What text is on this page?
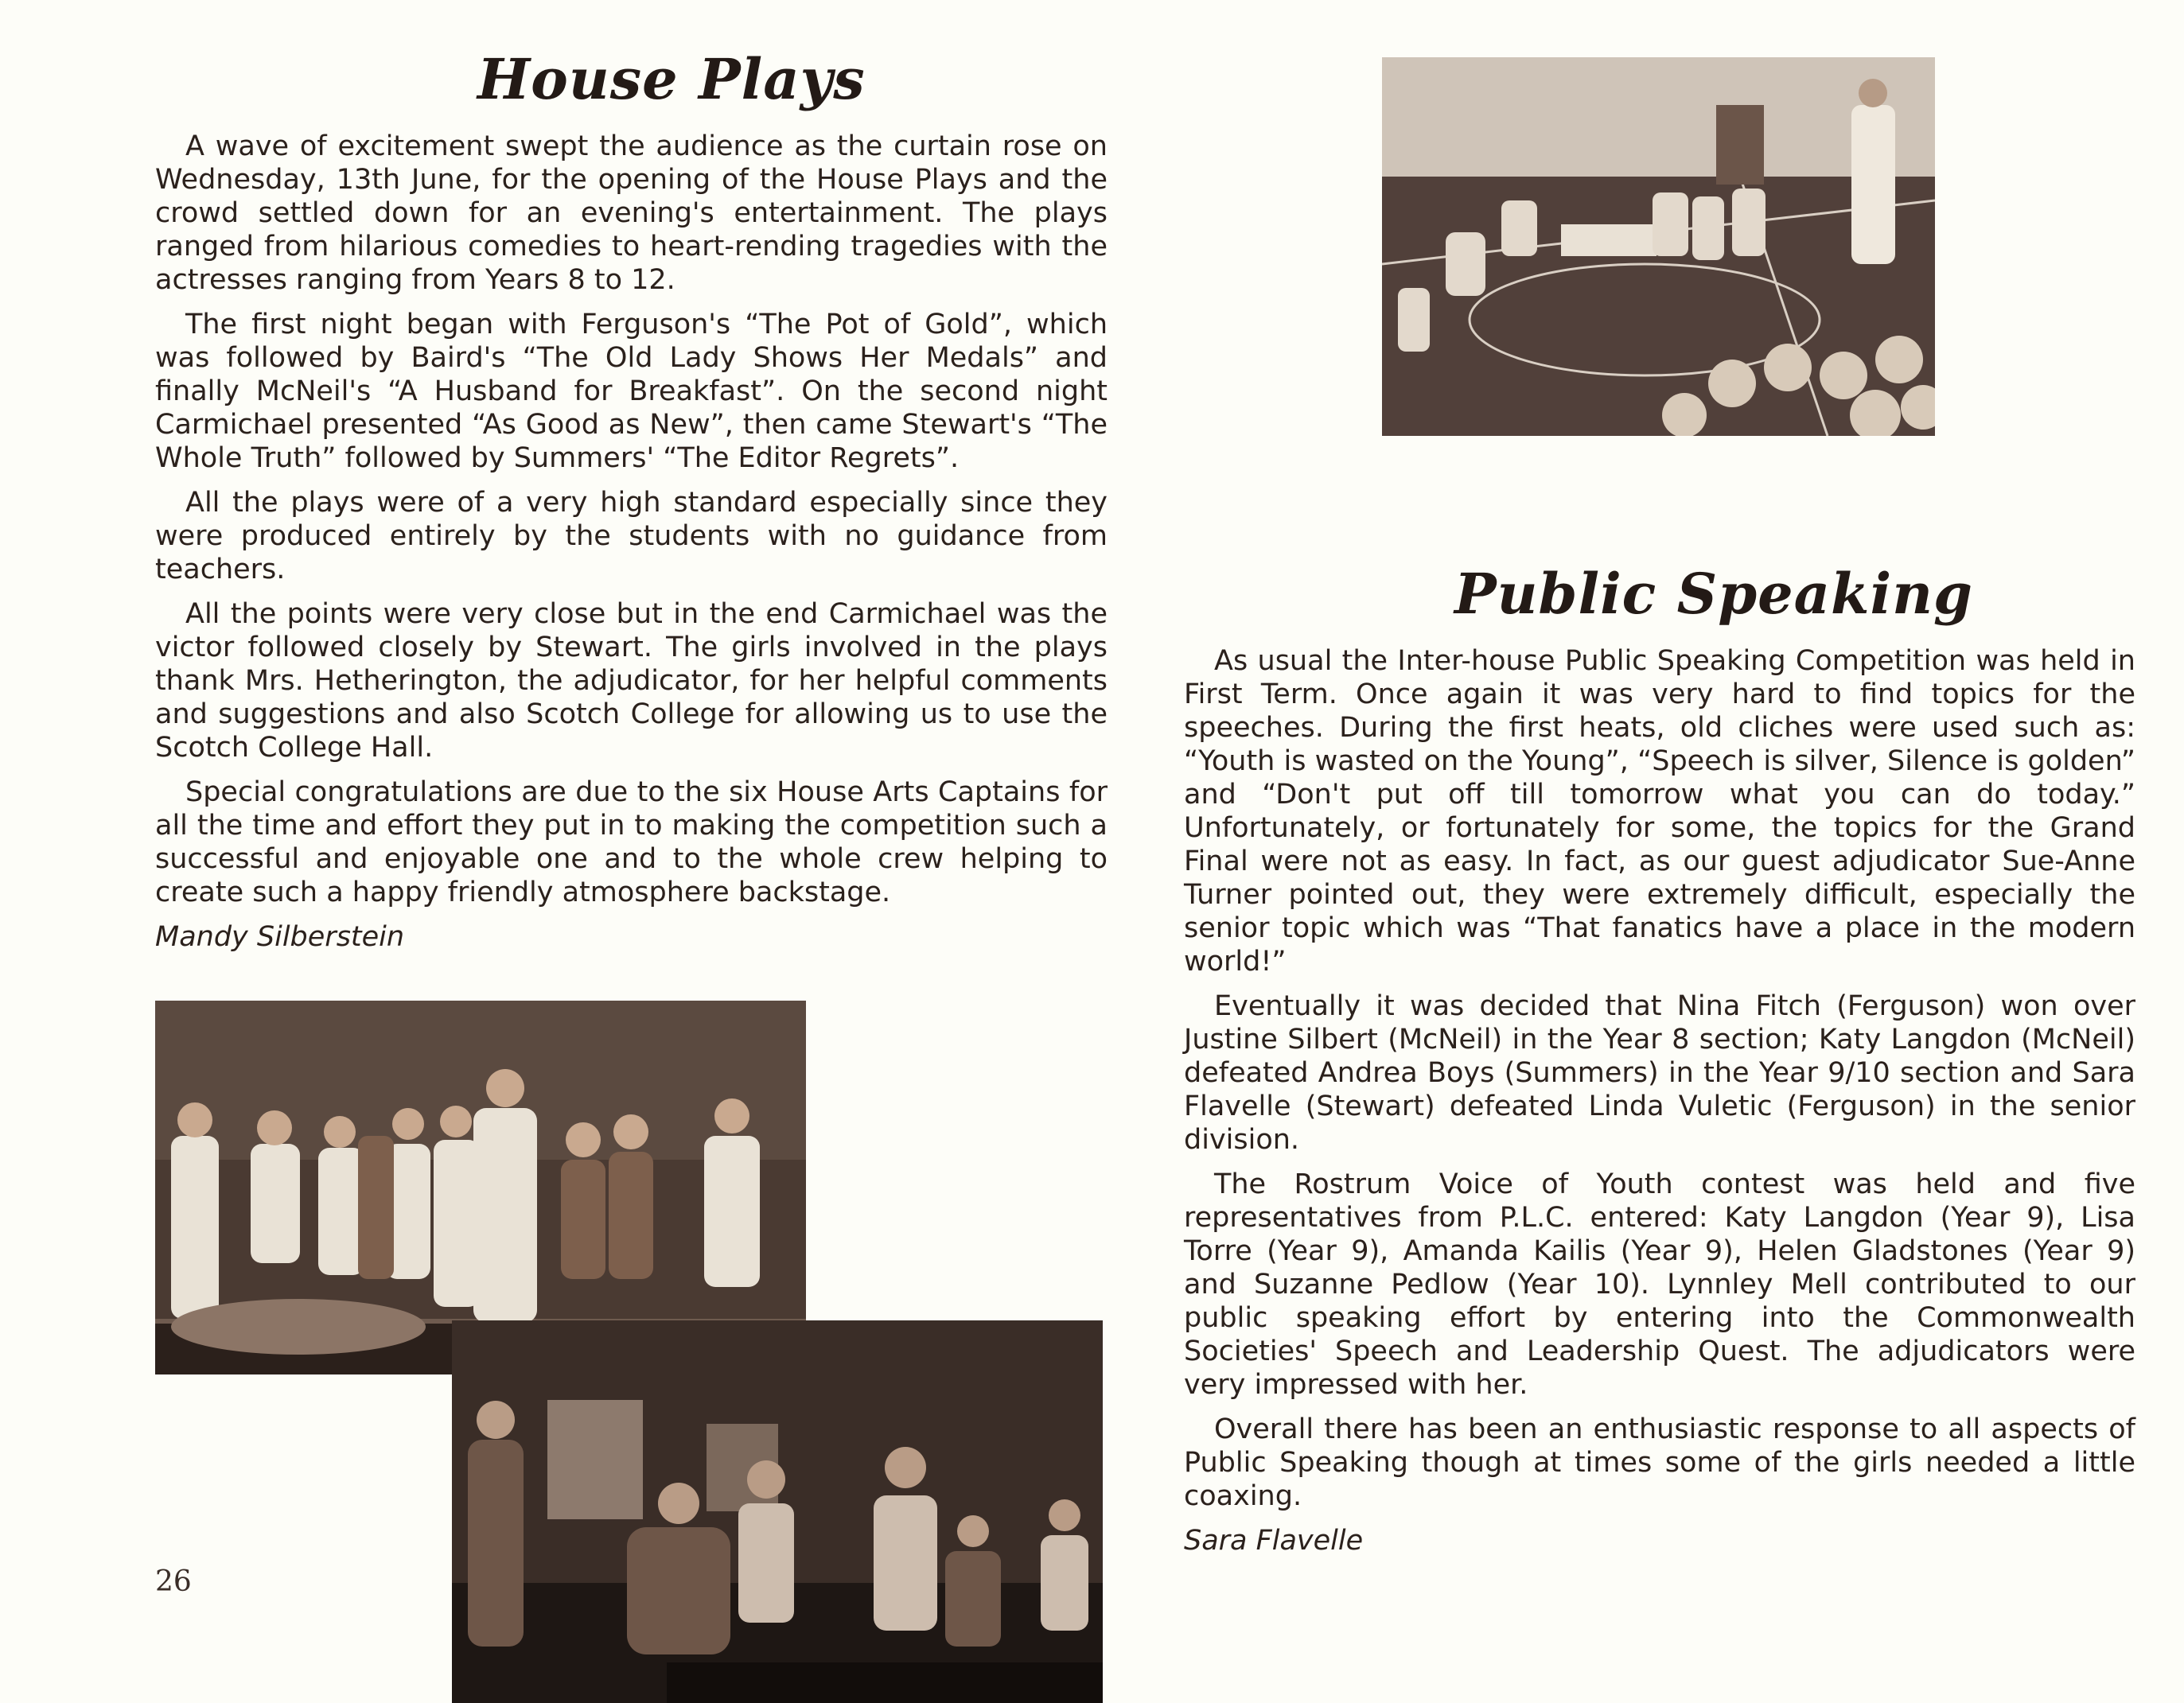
House Plays

A wave of excitement swept the audience as the curtain rose on Wednesday, 13th June, for the opening of the House Plays and the crowd settled down for an evening's entertainment. The plays ranged from hilarious comedies to heart-rending tragedies with the actresses ranging from Years 8 to 12.

The first night began with Ferguson's “The Pot of Gold”, which was followed by Baird's “The Old Lady Shows Her Medals” and finally McNeil's “A Husband for Breakfast”. On the second night Carmichael presented “As Good as New”, then came Stewart's “The Whole Truth” followed by Summers' “The Editor Regrets”.

All the plays were of a very high standard especially since they were produced entirely by the students with no guidance from teachers.

All the points were very close but in the end Carmichael was the victor followed closely by Stewart. The girls involved in the plays thank Mrs. Hetherington, the adjudicator, for her helpful comments and suggestions and also Scotch College for allowing us to use the Scotch College Hall.

Special congratulations are due to the six House Arts Captains for all the time and effort they put in to making the competition such a successful and enjoyable one and to the whole crew helping to create such a happy friendly atmosphere backstage.

Mandy Silberstein

26
Public Speaking

As usual the Inter-house Public Speaking Competition was held in First Term. Once again it was very hard to find topics for the speeches. During the first heats, old cliches were used such as: “Youth is wasted on the Young”, “Speech is silver, Silence is golden” and “Don't put off till tomorrow what you can do today.” Unfortunately, or fortunately for some, the topics for the Grand Final were not as easy. In fact, as our guest adjudicator Sue-Anne Turner pointed out, they were extremely difficult, especially the senior topic which was “That fanatics have a place in the modern world!”

Eventually it was decided that Nina Fitch (Ferguson) won over Justine Silbert (McNeil) in the Year 8 section; Katy Langdon (McNeil) defeated Andrea Boys (Summers) in the Year 9/10 section and Sara Flavelle (Stewart) defeated Linda Vuletic (Ferguson) in the senior division.

The Rostrum Voice of Youth contest was held and five representatives from P.L.C. entered: Katy Langdon (Year 9), Lisa Torre (Year 9), Amanda Kailis (Year 9), Helen Gladstones (Year 9) and Suzanne Pedlow (Year 10). Lynnley Mell contributed to our public speaking effort by entering into the Commonwealth Societies' Speech and Leadership Quest. The adjudicators were very impressed with her.

Overall there has been an enthusiastic response to all aspects of Public Speaking though at times some of the girls needed a little coaxing.

Sara Flavelle
